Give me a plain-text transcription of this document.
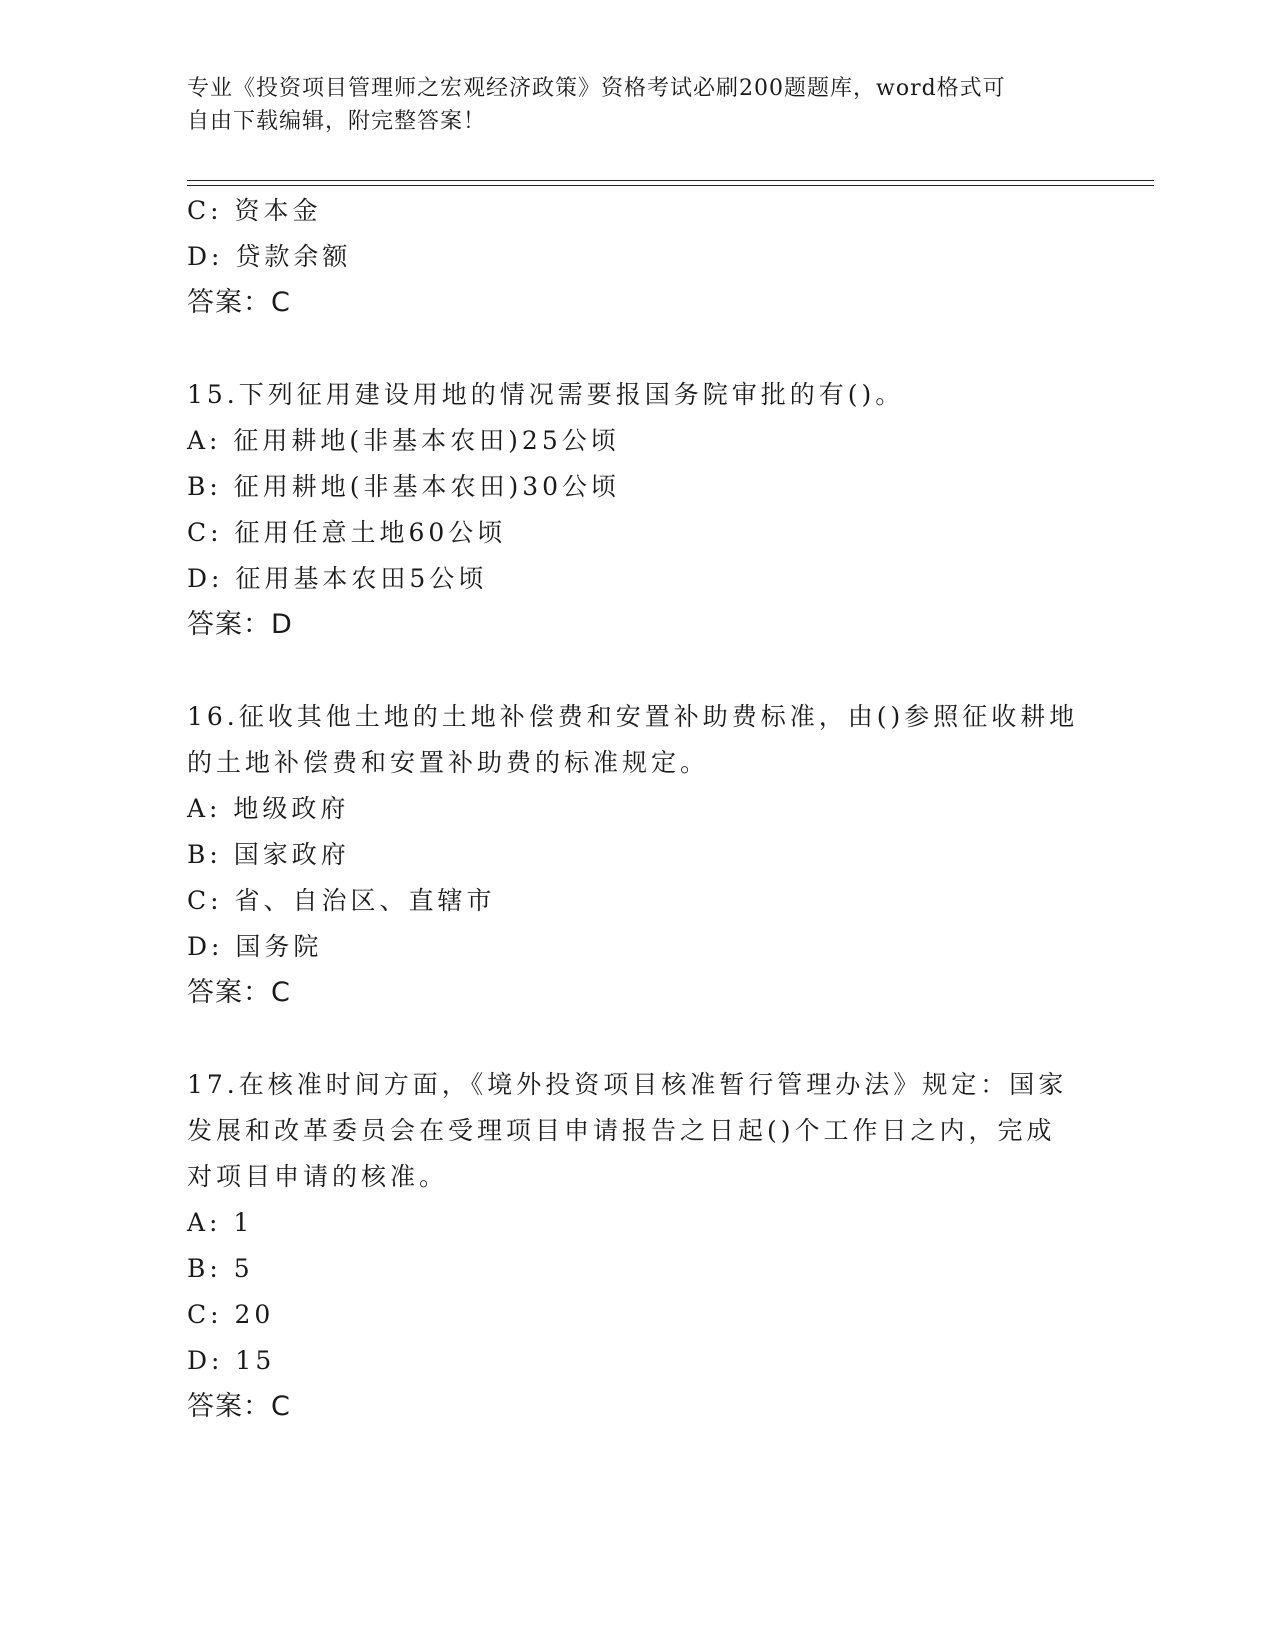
专业《投资项目管理师之宏观经济政策》资格考试必刷200题题库，word格式可
自由下载编辑，附完整答案！
C: 资本金
D: 贷款余额
答案：C
15.下列征用建设用地的情况需要报国务院审批的有()。
A: 征用耕地(非基本农田)25公顷
B: 征用耕地(非基本农田)30公顷
C: 征用任意土地60公顷
D: 征用基本农田5公顷
答案：D
16.征收其他土地的土地补偿费和安置补助费标准，由()参照征收耕地
的土地补偿费和安置补助费的标准规定。
A: 地级政府
B: 国家政府
C: 省、自治区、直辖市
D: 国务院
答案：C
17.在核准时间方面，《境外投资项目核准暂行管理办法》规定：国家
发展和改革委员会在受理项目申请报告之日起()个工作日之内，完成
对项目申请的核准。
A: 1
B: 5
C: 20
D: 15
答案：C
